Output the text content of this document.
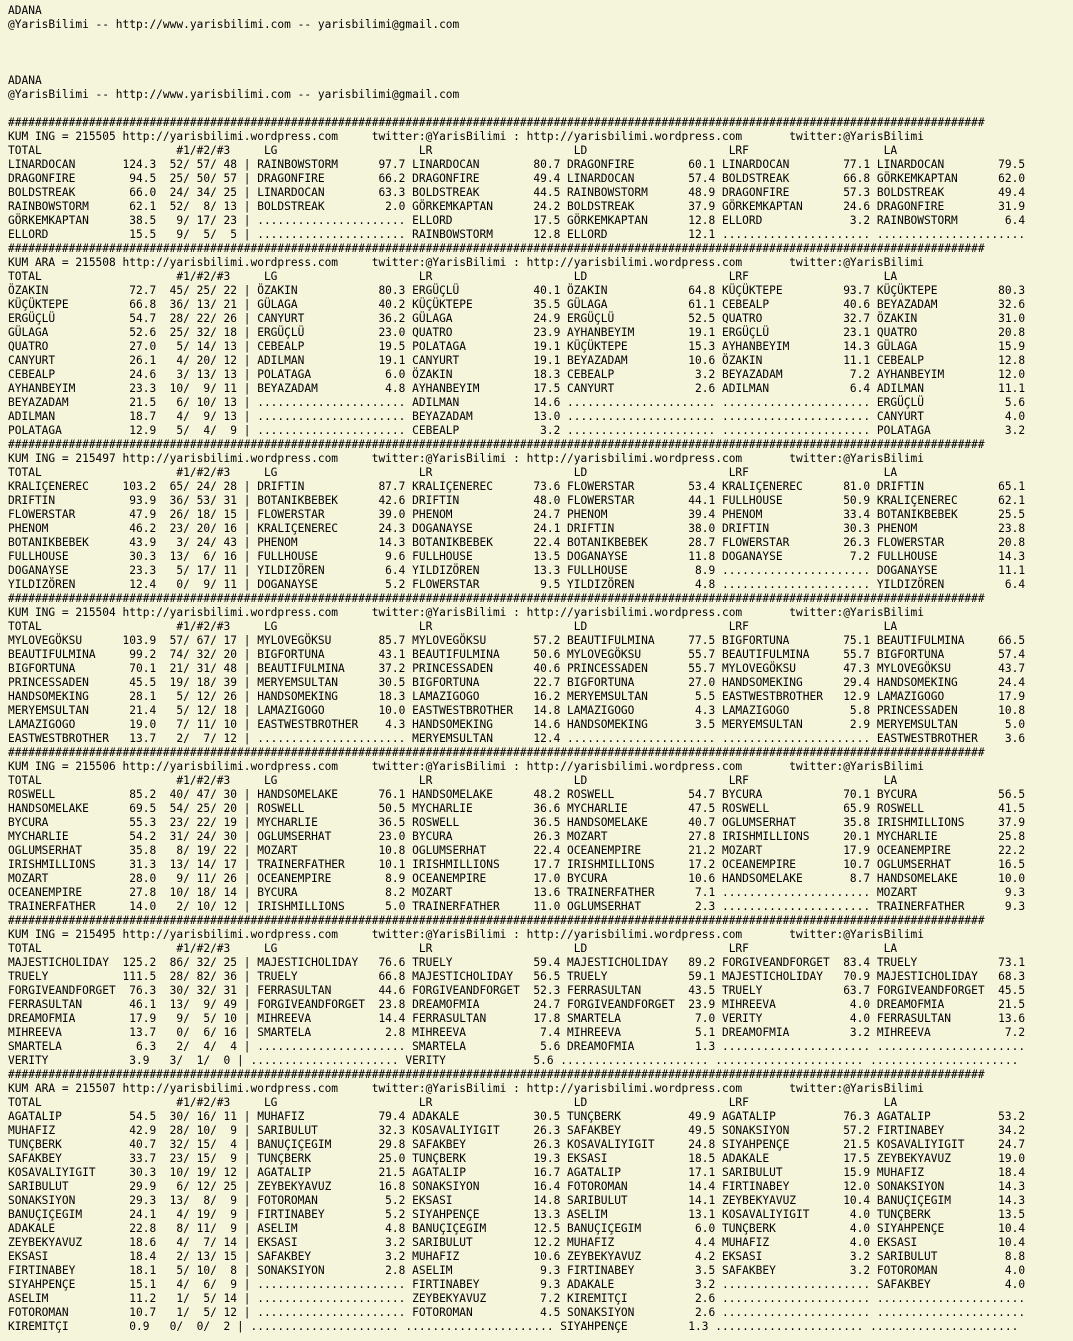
ADANA
@YarisBilimi -- http://www.yarisbilimi.com -- yarisbilimi@gmail.com

ADANA
@YarisBilimi -- http://www.yarisbilimi.com -- yarisbilimi@gmail.com

#################################################################################################################################################
KUM ING = 215505 http://yarisbilimi.wordpress.com     twitter:@YarisBilimi : http://yarisbilimi.wordpress.com       twitter:@YarisBilimi
TOTAL                    #1/#2/#3     LG                     LR                     LD                     LRF                    LA
LINARDOCAN       124.3  52/ 57/ 48 | RAINBOWSTORM      97.7 LINARDOCAN        80.7 DRAGONFIRE        60.1 LINARDOCAN        77.1 LINARDOCAN        79.5
DRAGONFIRE        94.5  25/ 50/ 57 | DRAGONFIRE        66.2 DRAGONFIRE        49.4 LINARDOCAN        57.4 BOLDSTREAK        66.8 GÖRKEMKAPTAN      62.0
BOLDSTREAK        66.0  24/ 34/ 25 | LINARDOCAN        63.3 BOLDSTREAK        44.5 RAINBOWSTORM      48.9 DRAGONFIRE        57.3 BOLDSTREAK        49.4
RAINBOWSTORM      62.1  52/  8/ 13 | BOLDSTREAK         2.0 GÖRKEMKAPTAN      24.2 BOLDSTREAK        37.9 GÖRKEMKAPTAN      24.6 DRAGONFIRE        31.9
GÖRKEMKAPTAN      38.5   9/ 17/ 23 | ...................... ELLORD            17.5 GÖRKEMKAPTAN      12.8 ELLORD             3.2 RAINBOWSTORM       6.4
ELLORD            15.5   9/  5/  5 | ...................... RAINBOWSTORM      12.8 ELLORD            12.1 ...................... ......................
#################################################################################################################################################
KUM ARA = 215508 http://yarisbilimi.wordpress.com     twitter:@YarisBilimi : http://yarisbilimi.wordpress.com       twitter:@YarisBilimi
TOTAL                    #1/#2/#3     LG                     LR                     LD                     LRF                    LA
ÖZAKIN            72.7  45/ 25/ 22 | ÖZAKIN            80.3 ERGÜÇLÜ           40.1 ÖZAKIN            64.8 KÜÇÜKTEPE         93.7 KÜÇÜKTEPE         80.3
KÜÇÜKTEPE         66.8  36/ 13/ 21 | GÜLAGA            40.2 KÜÇÜKTEPE         35.5 GÜLAGA            61.1 CEBEALP           40.6 BEYAZADAM         32.6
ERGÜÇLÜ           54.7  28/ 22/ 26 | CANYURT           36.2 GÜLAGA            24.9 ERGÜÇLÜ           52.5 QUATRO            32.7 ÖZAKIN            31.0
GÜLAGA            52.6  25/ 32/ 18 | ERGÜÇLÜ           23.0 QUATRO            23.9 AYHANBEYIM        19.1 ERGÜÇLÜ           23.1 QUATRO            20.8
QUATRO            27.0   5/ 14/ 13 | CEBEALP           19.5 POLATAGA          19.1 KÜÇÜKTEPE         15.3 AYHANBEYIM        14.3 GÜLAGA            15.9
CANYURT           26.1   4/ 20/ 12 | ADILMAN           19.1 CANYURT           19.1 BEYAZADAM         10.6 ÖZAKIN            11.1 CEBEALP           12.8
CEBEALP           24.6   3/ 13/ 13 | POLATAGA           6.0 ÖZAKIN            18.3 CEBEALP            3.2 BEYAZADAM          7.2 AYHANBEYIM        12.0
AYHANBEYIM        23.3  10/  9/ 11 | BEYAZADAM          4.8 AYHANBEYIM        17.5 CANYURT            2.6 ADILMAN            6.4 ADILMAN           11.1
BEYAZADAM         21.5   6/ 10/ 13 | ...................... ADILMAN           14.6 ...................... ...................... ERGÜÇLÜ            5.6
ADILMAN           18.7   4/  9/ 13 | ...................... BEYAZADAM         13.0 ...................... ...................... CANYURT            4.0
POLATAGA          12.9   5/  4/  9 | ...................... CEBEALP            3.2 ...................... ...................... POLATAGA           3.2
#################################################################################################################################################
KUM ING = 215497 http://yarisbilimi.wordpress.com     twitter:@YarisBilimi : http://yarisbilimi.wordpress.com       twitter:@YarisBilimi
TOTAL                    #1/#2/#3     LG                     LR                     LD                     LRF                    LA
KRALIÇENEREC     103.2  65/ 24/ 28 | DRIFTIN           87.7 KRALIÇENEREC      73.6 FLOWERSTAR        53.4 KRALIÇENEREC      81.0 DRIFTIN           65.1
DRIFTIN           93.9  36/ 53/ 31 | BOTANIKBEBEK      42.6 DRIFTIN           48.0 FLOWERSTAR        44.1 FULLHOUSE         50.9 KRALIÇENEREC      62.1
FLOWERSTAR        47.9  26/ 18/ 15 | FLOWERSTAR        39.0 PHENOM            24.7 PHENOM            39.4 PHENOM            33.4 BOTANIKBEBEK      25.5
PHENOM            46.2  23/ 20/ 16 | KRALIÇENEREC      24.3 DOGANAYSE         24.1 DRIFTIN           38.0 DRIFTIN           30.3 PHENOM            23.8
BOTANIKBEBEK      43.9   3/ 24/ 43 | PHENOM            14.3 BOTANIKBEBEK      22.4 BOTANIKBEBEK      28.7 FLOWERSTAR        26.3 FLOWERSTAR        20.8
FULLHOUSE         30.3  13/  6/ 16 | FULLHOUSE          9.6 FULLHOUSE         13.5 DOGANAYSE         11.8 DOGANAYSE          7.2 FULLHOUSE         14.3
DOGANAYSE         23.3   5/ 17/ 11 | YILDIZÖREN         6.4 YILDIZÖREN        13.3 FULLHOUSE          8.9 ...................... DOGANAYSE         11.1
YILDIZÖREN        12.4   0/  9/ 11 | DOGANAYSE          5.2 FLOWERSTAR         9.5 YILDIZÖREN         4.8 ...................... YILDIZÖREN         6.4
#################################################################################################################################################
KUM ING = 215504 http://yarisbilimi.wordpress.com     twitter:@YarisBilimi : http://yarisbilimi.wordpress.com       twitter:@YarisBilimi
TOTAL                    #1/#2/#3     LG                     LR                     LD                     LRF                    LA
MYLOVEGÖKSU      103.9  57/ 67/ 17 | MYLOVEGÖKSU       85.7 MYLOVEGÖKSU       57.2 BEAUTIFULMINA     77.5 BIGFORTUNA        75.1 BEAUTIFULMINA     66.5
BEAUTIFULMINA     99.2  74/ 32/ 20 | BIGFORTUNA        43.1 BEAUTIFULMINA     50.6 MYLOVEGÖKSU       55.7 BEAUTIFULMINA     55.7 BIGFORTUNA        57.4
BIGFORTUNA        70.1  21/ 31/ 48 | BEAUTIFULMINA     37.2 PRINCESSADEN      40.6 PRINCESSADEN      55.7 MYLOVEGÖKSU       47.3 MYLOVEGÖKSU       43.7
PRINCESSADEN      45.5  19/ 18/ 39 | MERYEMSULTAN      30.5 BIGFORTUNA        22.7 BIGFORTUNA        27.0 HANDSOMEKING      29.4 HANDSOMEKING      24.4
HANDSOMEKING      28.1   5/ 12/ 26 | HANDSOMEKING      18.3 LAMAZIGOGO        16.2 MERYEMSULTAN       5.5 EASTWESTBROTHER   12.9 LAMAZIGOGO        17.9
MERYEMSULTAN      21.4   5/ 12/ 18 | LAMAZIGOGO        10.0 EASTWESTBROTHER   14.8 LAMAZIGOGO         4.3 LAMAZIGOGO         5.8 PRINCESSADEN      10.8
LAMAZIGOGO        19.0   7/ 11/ 10 | EASTWESTBROTHER    4.3 HANDSOMEKING      14.6 HANDSOMEKING       3.5 MERYEMSULTAN       2.9 MERYEMSULTAN       5.0
EASTWESTBROTHER   13.7   2/  7/ 12 | ...................... MERYEMSULTAN      12.4 ...................... ...................... EASTWESTBROTHER    3.6
#################################################################################################################################################
KUM ING = 215506 http://yarisbilimi.wordpress.com     twitter:@YarisBilimi : http://yarisbilimi.wordpress.com       twitter:@YarisBilimi
TOTAL                    #1/#2/#3     LG                     LR                     LD                     LRF                    LA
ROSWELL           85.2  40/ 47/ 30 | HANDSOMELAKE      76.1 HANDSOMELAKE      48.2 ROSWELL           54.7 BYCURA            70.1 BYCURA            56.5
HANDSOMELAKE      69.5  54/ 25/ 20 | ROSWELL           50.5 MYCHARLIE         36.6 MYCHARLIE         47.5 ROSWELL           65.9 ROSWELL           41.5
BYCURA            55.3  23/ 22/ 19 | MYCHARLIE         36.5 ROSWELL           36.5 HANDSOMELAKE      40.7 OGLUMSERHAT       35.8 IRISHMILLIONS     37.9
MYCHARLIE         54.2  31/ 24/ 30 | OGLUMSERHAT       23.0 BYCURA            26.3 MOZART            27.8 IRISHMILLIONS     20.1 MYCHARLIE         25.8
OGLUMSERHAT       35.8   8/ 19/ 22 | MOZART            10.8 OGLUMSERHAT       22.4 OCEANEMPIRE       21.2 MOZART            17.9 OCEANEMPIRE       22.2
IRISHMILLIONS     31.3  13/ 14/ 17 | TRAINERFATHER     10.1 IRISHMILLIONS     17.7 IRISHMILLIONS     17.2 OCEANEMPIRE       10.7 OGLUMSERHAT       16.5
MOZART            28.0   9/ 11/ 26 | OCEANEMPIRE        8.9 OCEANEMPIRE       17.0 BYCURA            10.6 HANDSOMELAKE       8.7 HANDSOMELAKE      10.0
OCEANEMPIRE       27.8  10/ 18/ 14 | BYCURA             8.2 MOZART            13.6 TRAINERFATHER      7.1 ...................... MOZART             9.3
TRAINERFATHER     14.0   2/ 10/ 12 | IRISHMILLIONS      5.0 TRAINERFATHER     11.0 OGLUMSERHAT        2.3 ...................... TRAINERFATHER      9.3
#################################################################################################################################################
KUM ING = 215495 http://yarisbilimi.wordpress.com     twitter:@YarisBilimi : http://yarisbilimi.wordpress.com       twitter:@YarisBilimi
TOTAL                    #1/#2/#3     LG                     LR                     LD                     LRF                    LA
MAJESTICHOLIDAY  125.2  86/ 32/ 25 | MAJESTICHOLIDAY   76.6 TRUELY            59.4 MAJESTICHOLIDAY   89.2 FORGIVEANDFORGET  83.4 TRUELY            73.1
TRUELY           111.5  28/ 82/ 36 | TRUELY            66.8 MAJESTICHOLIDAY   56.5 TRUELY            59.1 MAJESTICHOLIDAY   70.9 MAJESTICHOLIDAY   68.3
FORGIVEANDFORGET  76.3  30/ 32/ 31 | FERRASULTAN       44.6 FORGIVEANDFORGET  52.3 FERRASULTAN       43.5 TRUELY            63.7 FORGIVEANDFORGET  45.5
FERRASULTAN       46.1  13/  9/ 49 | FORGIVEANDFORGET  23.8 DREAMOFMIA        24.7 FORGIVEANDFORGET  23.9 MIHREEVA           4.0 DREAMOFMIA        21.5
DREAMOFMIA        17.9   9/  5/ 10 | MIHREEVA          14.4 FERRASULTAN       17.8 SMARTELA           7.0 VERITY             4.0 FERRASULTAN       13.6
MIHREEVA          13.7   0/  6/ 16 | SMARTELA           2.8 MIHREEVA           7.4 MIHREEVA           5.1 DREAMOFMIA         3.2 MIHREEVA           7.2
SMARTELA           6.3   2/  4/  4 | ...................... SMARTELA           5.6 DREAMOFMIA         1.3 ...................... ......................
VERITY            3.9   3/  1/  0 | ...................... VERITY             5.6 ...................... ...................... ......................
#################################################################################################################################################
KUM ARA = 215507 http://yarisbilimi.wordpress.com     twitter:@YarisBilimi : http://yarisbilimi.wordpress.com       twitter:@YarisBilimi
TOTAL                    #1/#2/#3     LG                     LR                     LD                     LRF                    LA
AGATALIP          54.5  30/ 16/ 11 | MUHAFIZ           79.4 ADAKALE           30.5 TUNÇBERK          49.9 AGATALIP          76.3 AGATALIP          53.2
MUHAFIZ           42.9  28/ 10/  9 | SARIBULUT         32.3 KOSAVALIYIGIT     26.3 SAFAKBEY          49.5 SONAKSIYON        57.2 FIRTINABEY        34.2
TUNÇBERK          40.7  32/ 15/  4 | BANUÇIÇEGIM       29.8 SAFAKBEY          26.3 KOSAVALIYIGIT     24.8 SIYAHPENÇE        21.5 KOSAVALIYIGIT     24.7
SAFAKBEY          33.7  23/ 15/  9 | TUNÇBERK          25.0 TUNÇBERK          19.3 EKSASI            18.5 ADAKALE           17.5 ZEYBEKYAVUZ       19.0
KOSAVALIYIGIT     30.3  10/ 19/ 12 | AGATALIP          21.5 AGATALIP          16.7 AGATALIP          17.1 SARIBULUT         15.9 MUHAFIZ           18.4
SARIBULUT         29.9   6/ 12/ 25 | ZEYBEKYAVUZ       16.8 SONAKSIYON        16.4 FOTOROMAN         14.4 FIRTINABEY        12.0 SONAKSIYON        14.3
SONAKSIYON        29.3  13/  8/  9 | FOTOROMAN          5.2 EKSASI            14.8 SARIBULUT         14.1 ZEYBEKYAVUZ       10.4 BANUÇIÇEGIM       14.3
BANUÇIÇEGIM       24.1   4/ 19/  9 | FIRTINABEY         5.2 SIYAHPENÇE        13.3 ASELIM            13.1 KOSAVALIYIGIT      4.0 TUNÇBERK          13.5
ADAKALE           22.8   8/ 11/  9 | ASELIM             4.8 BANUÇIÇEGIM       12.5 BANUÇIÇEGIM        6.0 TUNÇBERK           4.0 SIYAHPENÇE        10.4
ZEYBEKYAVUZ       18.6   4/  7/ 14 | EKSASI             3.2 SARIBULUT         12.2 MUHAFIZ            4.4 MUHAFIZ            4.0 EKSASI            10.4
EKSASI            18.4   2/ 13/ 15 | SAFAKBEY           3.2 MUHAFIZ           10.6 ZEYBEKYAVUZ        4.2 EKSASI             3.2 SARIBULUT          8.8
FIRTINABEY        18.1   5/ 10/  8 | SONAKSIYON         2.8 ASELIM             9.3 FIRTINABEY         3.5 SAFAKBEY           3.2 FOTOROMAN          4.0
SIYAHPENÇE        15.1   4/  6/  9 | ...................... FIRTINABEY         9.3 ADAKALE            3.2 ...................... SAFAKBEY           4.0
ASELIM            11.2   1/  5/ 14 | ...................... ZEYBEKYAVUZ        7.2 KIREMITÇI          2.6 ...................... ......................
FOTOROMAN         10.7   1/  5/ 12 | ...................... FOTOROMAN          4.5 SONAKSIYON         2.6 ...................... ......................
KIREMITÇI         0.9   0/  0/  2 | ...................... ...................... SIYAHPENÇE         1.3 ...................... ......................
